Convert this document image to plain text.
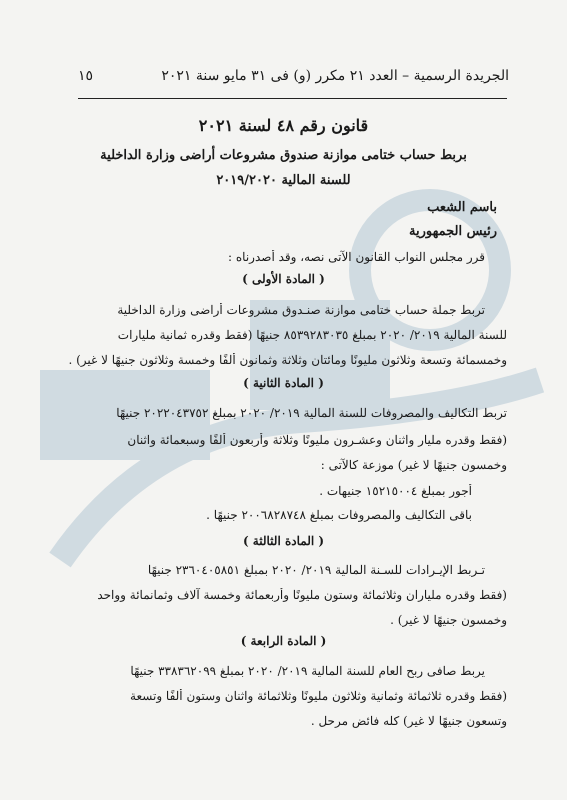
الجريدة الرسمية – العدد ٢١ مكرر (و) فى ٣١ مايو سنة ٢٠٢١
١٥
قانون رقم ٤٨ لسنة ٢٠٢١
بربط حساب ختامى موازنة صندوق مشروعات أراضى وزارة الداخلية
للسنة المالية ٢٠١٩/٢٠٢٠
باسم الشعب
رئيس الجمهورية
قرر مجلس النواب القانون الآتى نصه، وقد أصدرناه :
( المادة الأولى )
تربط جملة حساب ختامى موازنة صنـدوق مشروعات أراضى وزارة الداخلية
للسنة المالية ٢٠١٩/ ٢٠٢٠ بمبلغ ٨٥٣٩٢٨٣٠٣٥ جنيهًا (فقط وقدره ثمانية مليارات
وخمسمائة وتسعة وثلاثون مليونًا ومائتان وثلاثة وثمانون ألفًا وخمسة وثلاثون جنيهًا لا غير) .
( المادة الثانية )
تربط التكاليف والمصروفات للسنة المالية ٢٠١٩/ ٢٠٢٠ بمبلغ ٢٠٢٢٠٤٣٧٥٢ جنيهًا
(فقط وقدره مليار واثنان وعشـرون مليونًا وثلاثة وأربعون ألفًا وسبعمائة واثنان
وخمسون جنيهًا لا غير) موزعة كالآتى :
أجور بمبلغ ١٥٢١٥٠٠٤ جنيهات .
باقى التكاليف والمصروفات بمبلغ ٢٠٠٦٨٢٨٧٤٨ جنيهًا .
( المادة الثالثة )
تـربط الإيـرادات للسـنة المالية ٢٠١٩/ ٢٠٢٠ بمبلغ ٢٣٦٠٤٠٥٨٥١ جنيهًا
(فقط وقدره ملياران وثلاثمائة وستون مليونًا وأربعمائة وخمسة آلاف وثمانمائة وواحد
وخمسون جنيهًا لا غير) .
( المادة الرابعة )
يربط صافى ربح العام للسنة المالية ٢٠١٩/ ٢٠٢٠ بمبلغ ٣٣٨٣٦٢٠٩٩ جنيهًا
(فقط وقدره ثلاثمائة وثمانية وثلاثون مليونًا وثلاثمائة واثنان وستون ألفًا وتسعة
وتسعون جنيهًا لا غير) كله فائض مرحل .
